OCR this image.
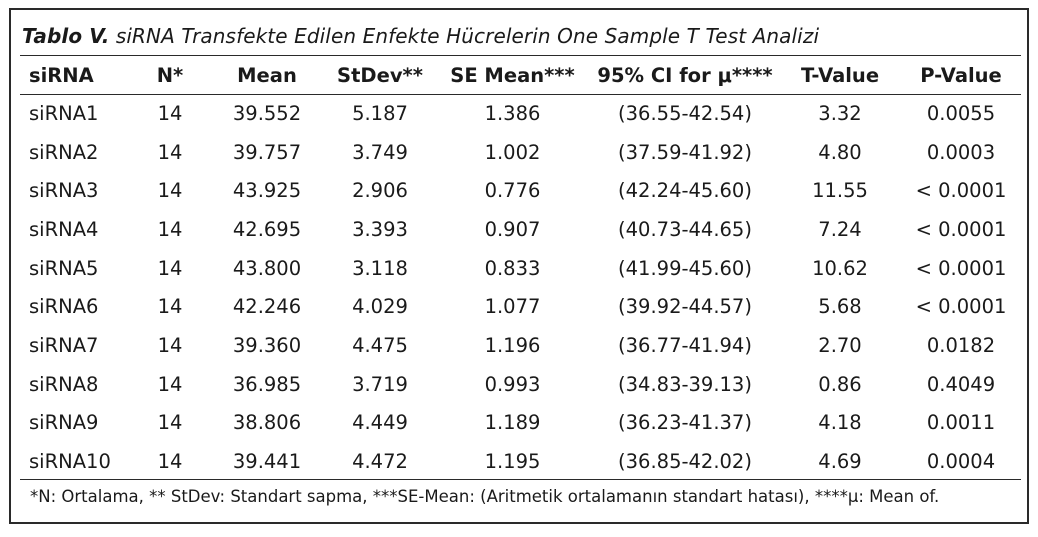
Tablo V. siRNA Transfekte Edilen Enfekte Hücrelerin One Sample T Test Analizi
siRNA	N*	Mean	StDev**	SE Mean***	95% CI for μ****	T-Value	P-Value
siRNA1	14	39.552	5.187	1.386	(36.55-42.54)	3.32	0.0055
siRNA2	14	39.757	3.749	1.002	(37.59-41.92)	4.80	0.0003
siRNA3	14	43.925	2.906	0.776	(42.24-45.60)	11.55	< 0.0001
siRNA4	14	42.695	3.393	0.907	(40.73-44.65)	7.24	< 0.0001
siRNA5	14	43.800	3.118	0.833	(41.99-45.60)	10.62	< 0.0001
siRNA6	14	42.246	4.029	1.077	(39.92-44.57)	5.68	< 0.0001
siRNA7	14	39.360	4.475	1.196	(36.77-41.94)	2.70	0.0182
siRNA8	14	36.985	3.719	0.993	(34.83-39.13)	0.86	0.4049
siRNA9	14	38.806	4.449	1.189	(36.23-41.37)	4.18	0.0011
siRNA10	14	39.441	4.472	1.195	(36.85-42.02)	4.69	0.0004
*N: Ortalama, ** StDev: Standart sapma, ***SE-Mean: (Aritmetik ortalamanın standart hatası), ****μ: Mean of.
